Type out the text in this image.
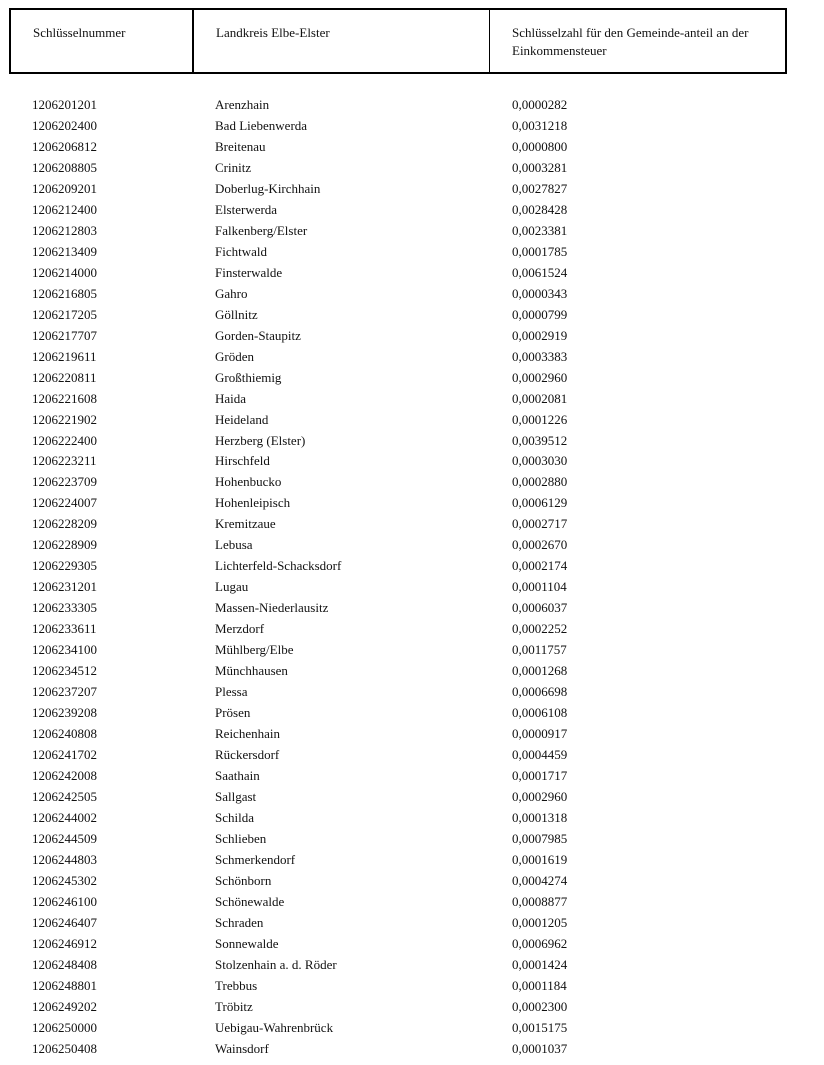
Schlüsselnummer	Landkreis Elbe-Elster	Schlüsselzahl für den Gemeinde-anteil an der Einkommensteuer
1206201201	Arenzhain	0,0000282
1206202400	Bad Liebenwerda	0,0031218
1206206812	Breitenau	0,0000800
1206208805	Crinitz	0,0003281
1206209201	Doberlug-Kirchhain	0,0027827
1206212400	Elsterwerda	0,0028428
1206212803	Falkenberg/Elster	0,0023381
1206213409	Fichtwald	0,0001785
1206214000	Finsterwalde	0,0061524
1206216805	Gahro	0,0000343
1206217205	Göllnitz	0,0000799
1206217707	Gorden-Staupitz	0,0002919
1206219611	Gröden	0,0003383
1206220811	Großthiemig	0,0002960
1206221608	Haida	0,0002081
1206221902	Heideland	0,0001226
1206222400	Herzberg (Elster)	0,0039512
1206223211	Hirschfeld	0,0003030
1206223709	Hohenbucko	0,0002880
1206224007	Hohenleipisch	0,0006129
1206228209	Kremitzaue	0,0002717
1206228909	Lebusa	0,0002670
1206229305	Lichterfeld-Schacksdorf	0,0002174
1206231201	Lugau	0,0001104
1206233305	Massen-Niederlausitz	0,0006037
1206233611	Merzdorf	0,0002252
1206234100	Mühlberg/Elbe	0,0011757
1206234512	Münchhausen	0,0001268
1206237207	Plessa	0,0006698
1206239208	Prösen	0,0006108
1206240808	Reichenhain	0,0000917
1206241702	Rückersdorf	0,0004459
1206242008	Saathain	0,0001717
1206242505	Sallgast	0,0002960
1206244002	Schilda	0,0001318
1206244509	Schlieben	0,0007985
1206244803	Schmerkendorf	0,0001619
1206245302	Schönborn	0,0004274
1206246100	Schönewalde	0,0008877
1206246407	Schraden	0,0001205
1206246912	Sonnewalde	0,0006962
1206248408	Stolzenhain a. d. Röder	0,0001424
1206248801	Trebbus	0,0001184
1206249202	Tröbitz	0,0002300
1206250000	Uebigau-Wahrenbrück	0,0015175
1206250408	Wainsdorf	0,0001037
